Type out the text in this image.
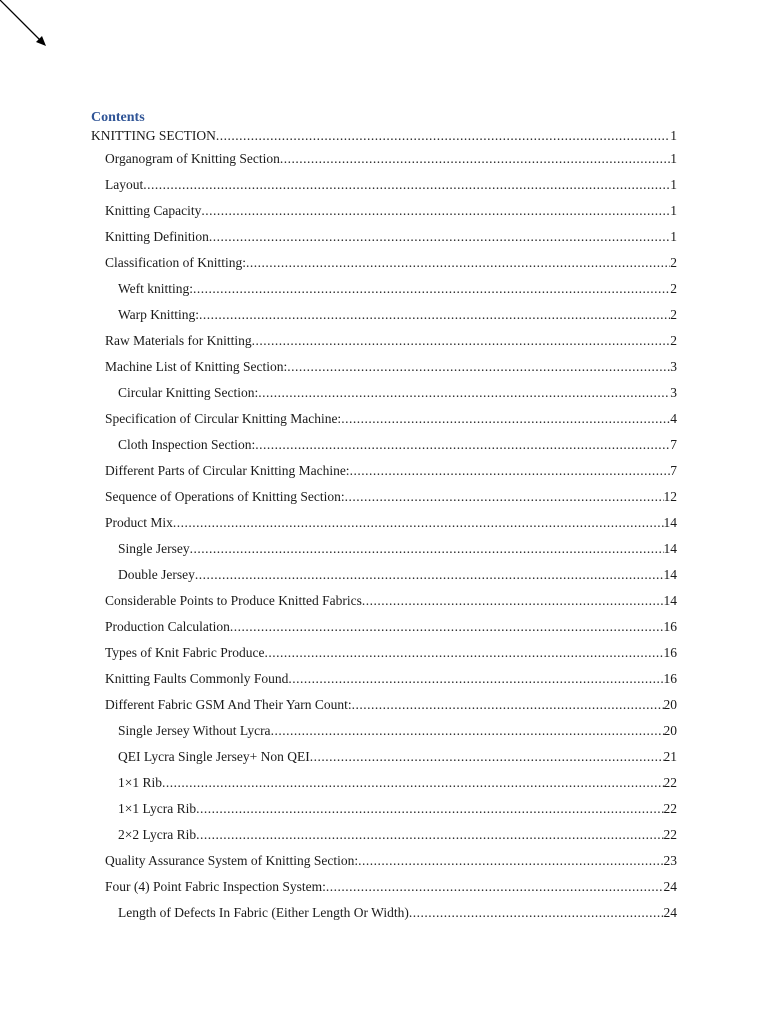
Contents
KNITTING SECTION .....	1
Organogram of Knitting Section .....	1
Layout .....	1
Knitting Capacity .....	1
Knitting Definition .....	1
Classification of Knitting: .....	2
Weft knitting: .....	2
Warp Knitting: .....	2
Raw Materials for Knitting .....	2
Machine List of Knitting Section: .....	3
Circular Knitting Section: .....	3
Specification of Circular Knitting Machine: .....	4
Cloth Inspection Section: .....	7
Different Parts of Circular Knitting Machine: .....	7
Sequence of Operations of Knitting Section: .....	12
Product Mix .....	14
Single Jersey .....	14
Double Jersey .....	14
Considerable Points to Produce Knitted Fabrics .....	14
Production Calculation .....	16
Types of Knit Fabric Produce .....	16
Knitting Faults Commonly Found .....	16
Different Fabric GSM And Their Yarn Count: .....	20
Single Jersey Without Lycra .....	20
QEI Lycra Single Jersey+ Non QEI .....	21
1×1 Rib .....	22
1×1 Lycra Rib .....	22
2×2 Lycra Rib .....	22
Quality Assurance System of Knitting Section: .....	23
Four (4) Point Fabric Inspection System: .....	24
Length of Defects In Fabric (Either Length Or Width) .....	24
